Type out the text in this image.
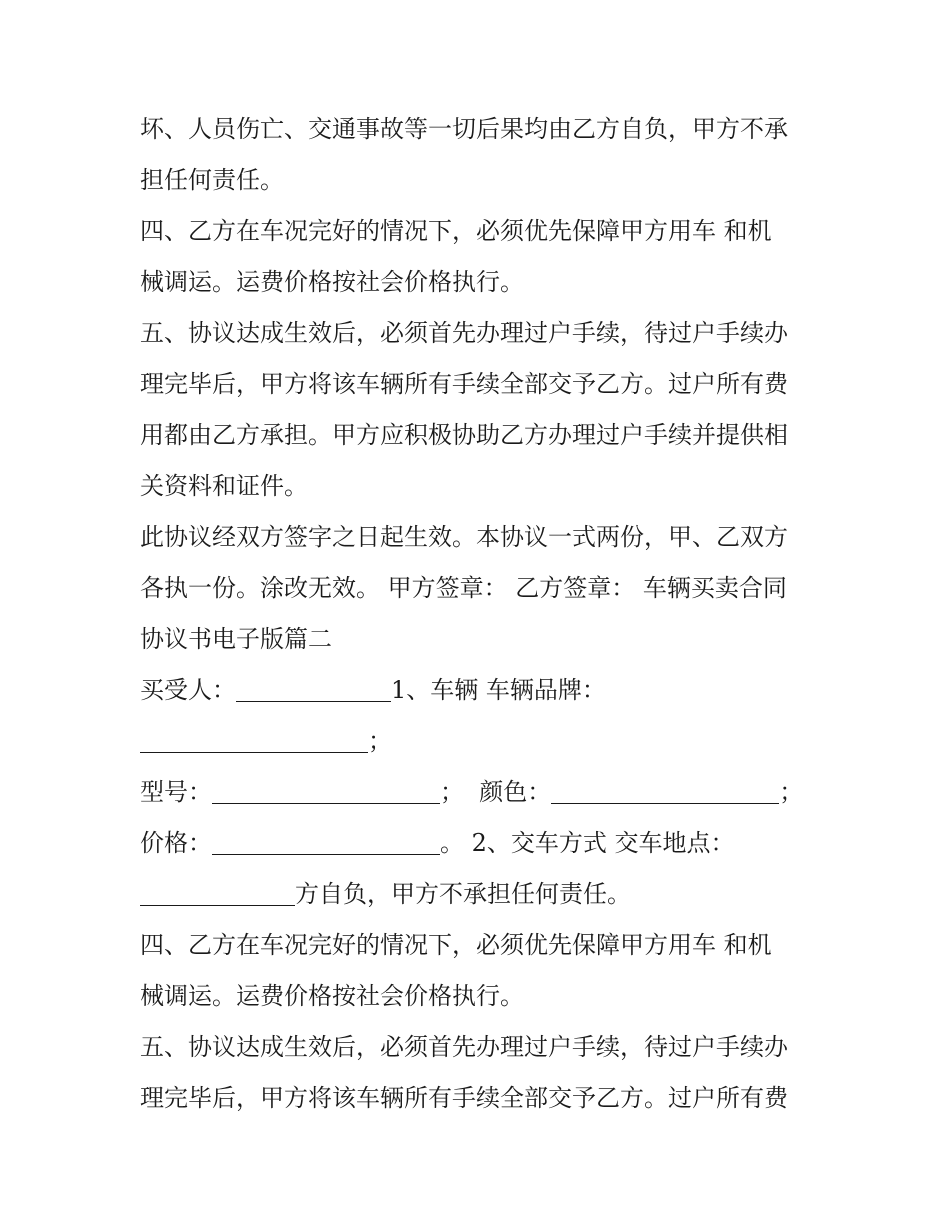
坏、人员伤亡、交通事故等一切后果均由乙方自负，甲方不承
担任何责任。
四、乙方在车况完好的情况下，必须优先保障甲方用车 和机
械调运。运费价格按社会价格执行。
五、协议达成生效后，必须首先办理过户手续，待过户手续办
理完毕后，甲方将该车辆所有手续全部交予乙方。过户所有费
用都由乙方承担。甲方应积极协助乙方办理过户手续并提供相
关资料和证件。
此协议经双方签字之日起生效。本协议一式两份，甲、乙双方
各执一份。涂改无效。 甲方签章： 乙方签章： 车辆买卖合同
协议书电子版篇二
买受人：	1、车辆 车辆品牌：
；
型号：	； 颜色：	；
价格：	。 2、交车方式 交车地点：
方自负，甲方不承担任何责任。
四、乙方在车况完好的情况下，必须优先保障甲方用车 和机
械调运。运费价格按社会价格执行。
五、协议达成生效后，必须首先办理过户手续，待过户手续办
理完毕后，甲方将该车辆所有手续全部交予乙方。过户所有费
